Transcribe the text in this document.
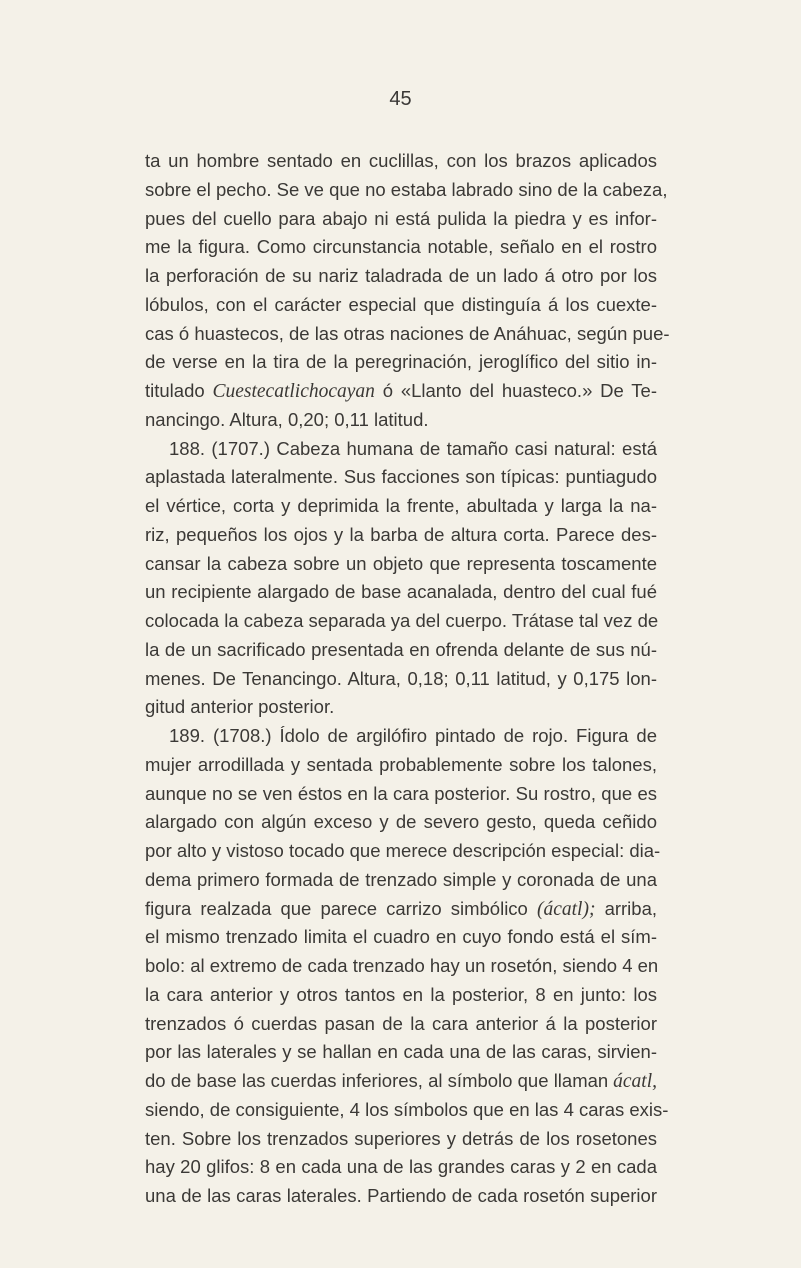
45
ta un hombre sentado en cuclillas, con los brazos aplicados
sobre el pecho. Se ve que no estaba labrado sino de la cabeza,
pues del cuello para abajo ni está pulida la piedra y es infor-
me la figura. Como circunstancia notable, señalo en el rostro
la perforación de su nariz taladrada de un lado á otro por los
lóbulos, con el carácter especial que distinguía á los cuexte-
cas ó huastecos, de las otras naciones de Anáhuac, según pue-
de verse en la tira de la peregrinación, jeroglífico del sitio in-
titulado Cuestecatlichocayan ó «Llanto del huasteco.» De Te-
nancingo. Altura, 0,20; 0,11 latitud.
188. (1707.) Cabeza humana de tamaño casi natural: está
aplastada lateralmente. Sus facciones son típicas: puntiagudo
el vértice, corta y deprimida la frente, abultada y larga la na-
riz, pequeños los ojos y la barba de altura corta. Parece des-
cansar la cabeza sobre un objeto que representa toscamente
un recipiente alargado de base acanalada, dentro del cual fué
colocada la cabeza separada ya del cuerpo. Trátase tal vez de
la de un sacrificado presentada en ofrenda delante de sus nú-
menes. De Tenancingo. Altura, 0,18; 0,11 latitud, y 0,175 lon-
gitud anterior posterior.
189. (1708.) Ídolo de argilófiro pintado de rojo. Figura de
mujer arrodillada y sentada probablemente sobre los talones,
aunque no se ven éstos en la cara posterior. Su rostro, que es
alargado con algún exceso y de severo gesto, queda ceñido
por alto y vistoso tocado que merece descripción especial: dia-
dema primero formada de trenzado simple y coronada de una
figura realzada que parece carrizo simbólico (ácatl); arriba,
el mismo trenzado limita el cuadro en cuyo fondo está el sím-
bolo: al extremo de cada trenzado hay un rosetón, siendo 4 en
la cara anterior y otros tantos en la posterior, 8 en junto: los
trenzados ó cuerdas pasan de la cara anterior á la posterior
por las laterales y se hallan en cada una de las caras, sirvien-
do de base las cuerdas inferiores, al símbolo que llaman ácatl,
siendo, de consiguiente, 4 los símbolos que en las 4 caras exis-
ten. Sobre los trenzados superiores y detrás de los rosetones
hay 20 glifos: 8 en cada una de las grandes caras y 2 en cada
una de las caras laterales. Partiendo de cada rosetón superior
